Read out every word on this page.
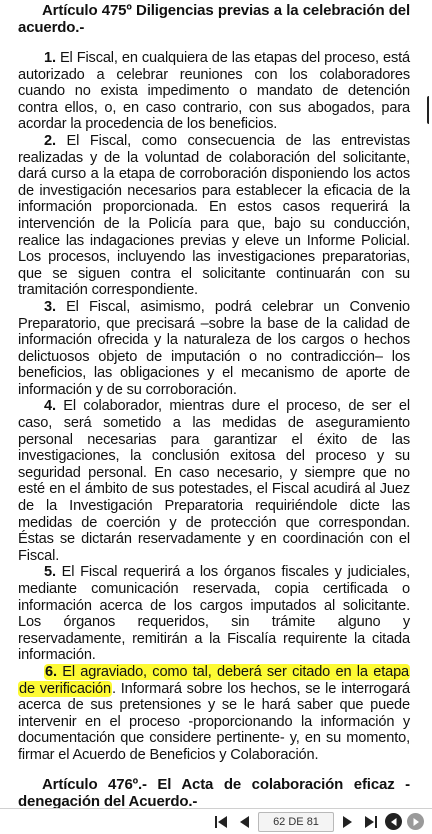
Artículo 475º Diligencias previas a la celebración del acuerdo.-

1. El Fiscal, en cualquiera de las etapas del proceso, está autorizado a celebrar reuniones con los colaboradores cuando no exista impedimento o mandato de detención contra ellos, o, en caso contrario, con sus abogados, para acordar la procedencia de los beneficios.

2. El Fiscal, como consecuencia de las entrevistas realizadas y de la voluntad de colaboración del solicitante, dará curso a la etapa de corroboración disponiendo los actos de investigación necesarios para establecer la eficacia de la información proporcionada. En estos casos requerirá la intervención de la Policía para que, bajo su conducción, realice las indagaciones previas y eleve un Informe Policial. Los procesos, incluyendo las investigaciones preparatorias, que se siguen contra el solicitante continuarán con su tramitación correspondiente.

3. El Fiscal, asimismo, podrá celebrar un Convenio Preparatorio, que precisará –sobre la base de la calidad de información ofrecida y la naturaleza de los cargos o hechos delictuosos objeto de imputación o no contradicción– los beneficios, las obligaciones y el mecanismo de aporte de información y de su corroboración.

4. El colaborador, mientras dure el proceso, de ser el caso, será sometido a las medidas de aseguramiento personal necesarias para garantizar el éxito de las investigaciones, la conclusión exitosa del proceso y su seguridad personal. En caso necesario, y siempre que no esté en el ámbito de sus potestades, el Fiscal acudirá al Juez de la Investigación Preparatoria requiriéndole dicte las medidas de coerción y de protección que correspondan. Éstas se dictarán reservadamente y en coordinación con el Fiscal.

5. El Fiscal requerirá a los órganos fiscales y judiciales, mediante comunicación reservada, copia certificada o información acerca de los cargos imputados al solicitante. Los órganos requeridos, sin trámite alguno y reservadamente, remitirán a la Fiscalía requirente la citada información.

6. El agraviado, como tal, deberá ser citado en la etapa de verificación. Informará sobre los hechos, se le interrogará acerca de sus pretensiones y se le hará saber que puede intervenir en el proceso -proporcionando la información y documentación que considere pertinente- y, en su momento, firmar el Acuerdo de Beneficios y Colaboración.

Artículo 476º.- El Acta de colaboración eficaz - denegación del Acuerdo.-

62 DE 81
